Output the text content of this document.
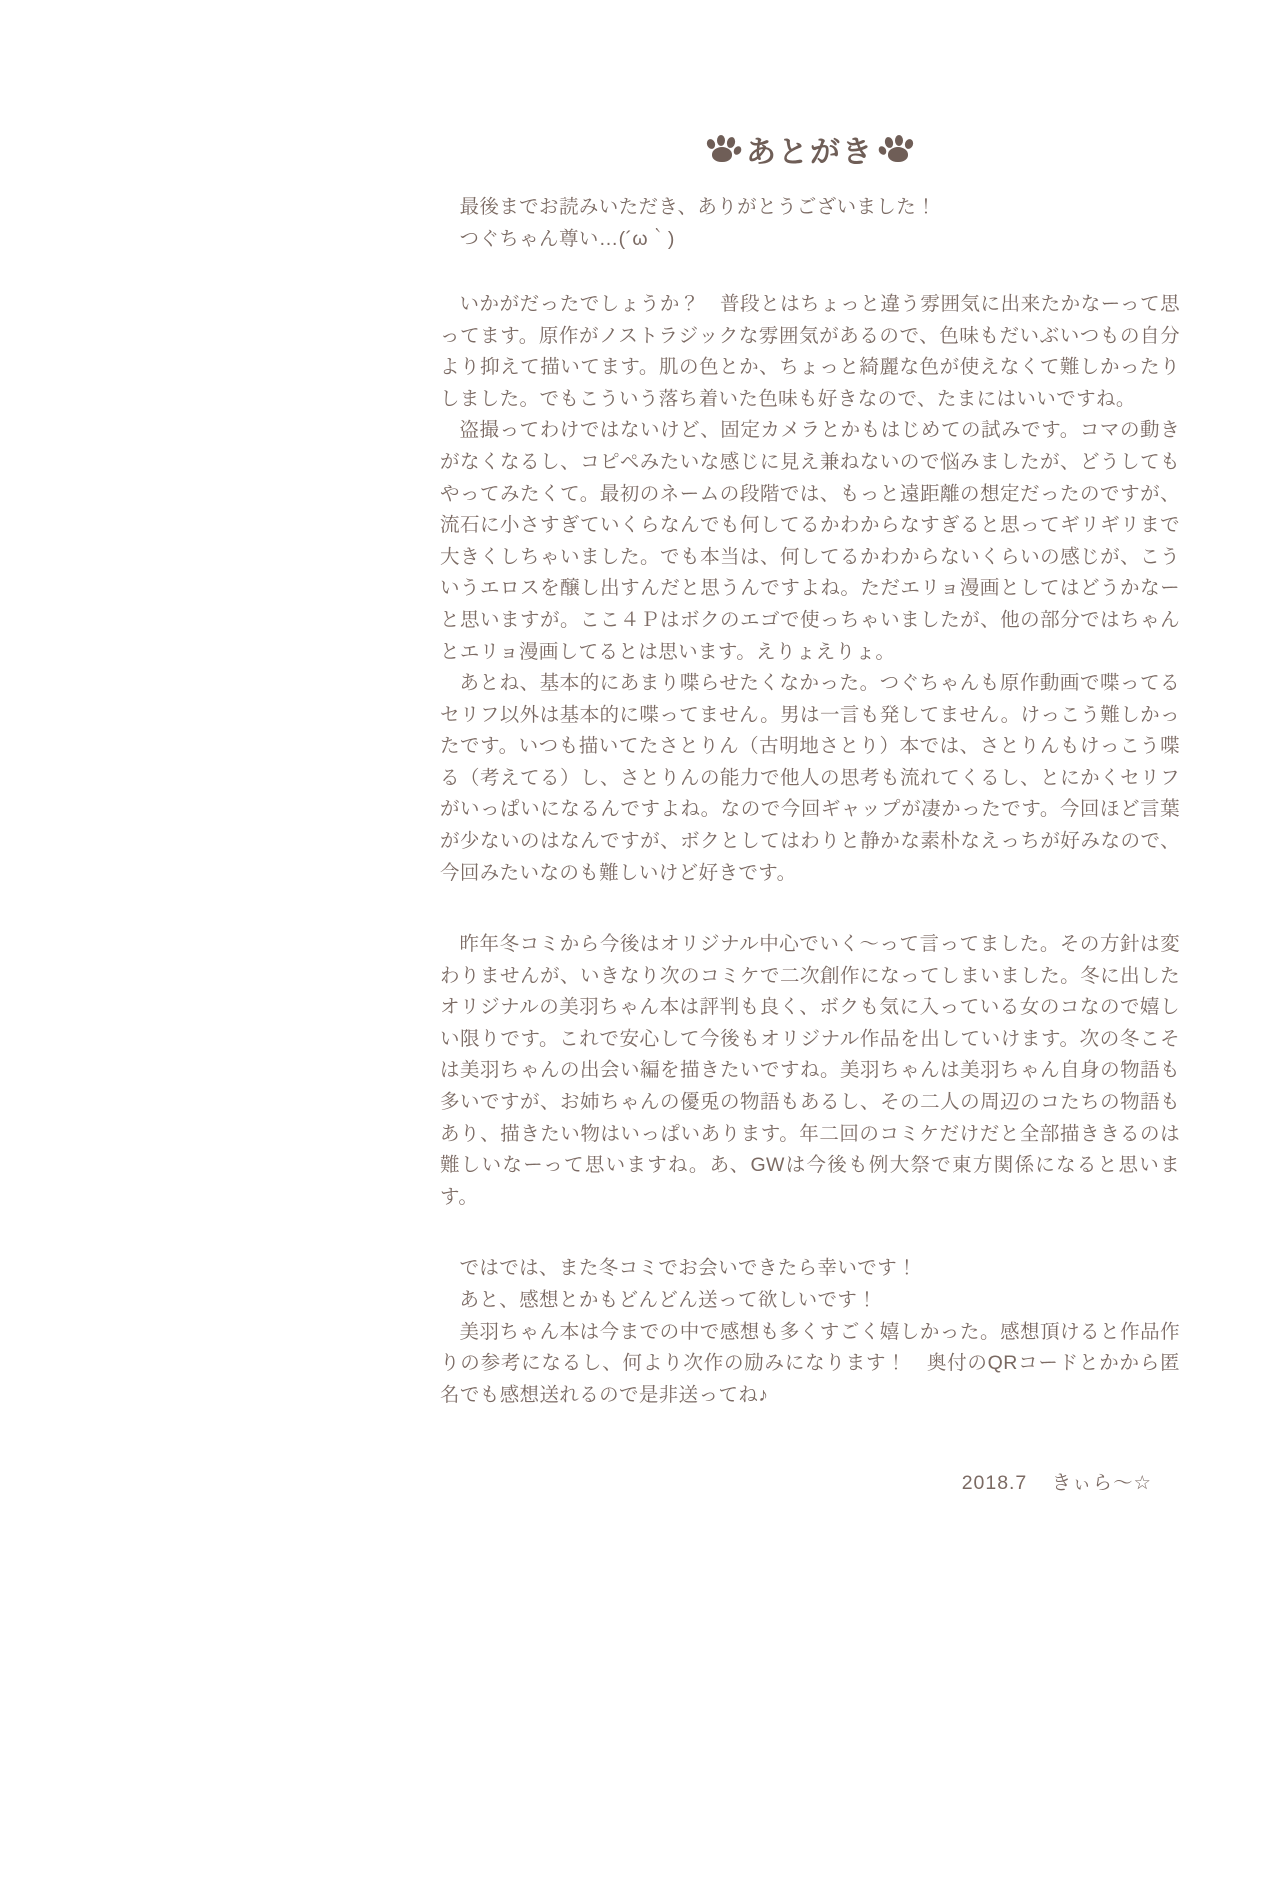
あとがき

最後までお読みいただき、ありがとうございました！

つぐちゃん尊い…(´ω｀)

いかがだったでしょうか？　普段とはちょっと違う雰囲気に出来たかなーって思ってます。原作がノストラジックな雰囲気があるので、色味もだいぶいつもの自分より抑えて描いてます。肌の色とか、ちょっと綺麗な色が使えなくて難しかったりしました。でもこういう落ち着いた色味も好きなので、たまにはいいですね。

盗撮ってわけではないけど、固定カメラとかもはじめての試みです。コマの動きがなくなるし、コピペみたいな感じに見え兼ねないので悩みましたが、どうしてもやってみたくて。最初のネームの段階では、もっと遠距離の想定だったのですが、流石に小さすぎていくらなんでも何してるかわからなすぎると思ってギリギリまで大きくしちゃいました。でも本当は、何してるかわからないくらいの感じが、こういうエロスを醸し出すんだと思うんですよね。ただエリョ漫画としてはどうかなーと思いますが。ここ４Ｐはボクのエゴで使っちゃいましたが、他の部分ではちゃんとエリョ漫画してるとは思います。えりょえりょ。

あとね、基本的にあまり喋らせたくなかった。つぐちゃんも原作動画で喋ってるセリフ以外は基本的に喋ってません。男は一言も発してません。けっこう難しかったです。いつも描いてたさとりん（古明地さとり）本では、さとりんもけっこう喋る（考えてる）し、さとりんの能力で他人の思考も流れてくるし、とにかくセリフがいっぱいになるんですよね。なので今回ギャップが凄かったです。今回ほど言葉が少ないのはなんですが、ボクとしてはわりと静かな素朴なえっちが好みなので、今回みたいなのも難しいけど好きです。

昨年冬コミから今後はオリジナル中心でいく〜って言ってました。その方針は変わりませんが、いきなり次のコミケで二次創作になってしまいました。冬に出したオリジナルの美羽ちゃん本は評判も良く、ボクも気に入っている女のコなので嬉しい限りです。これで安心して今後もオリジナル作品を出していけます。次の冬こそは美羽ちゃんの出会い編を描きたいですね。美羽ちゃんは美羽ちゃん自身の物語も多いですが、お姉ちゃんの優兎の物語もあるし、その二人の周辺のコたちの物語もあり、描きたい物はいっぱいあります。年二回のコミケだけだと全部描ききるのは難しいなーって思いますね。あ、GWは今後も例大祭で東方関係になると思います。

ではでは、また冬コミでお会いできたら幸いです！

あと、感想とかもどんどん送って欲しいです！

美羽ちゃん本は今までの中で感想も多くすごく嬉しかった。感想頂けると作品作りの参考になるし、何より次作の励みになります！　奥付のQRコードとかから匿名でも感想送れるので是非送ってね♪

2018.7 きぃら〜☆
